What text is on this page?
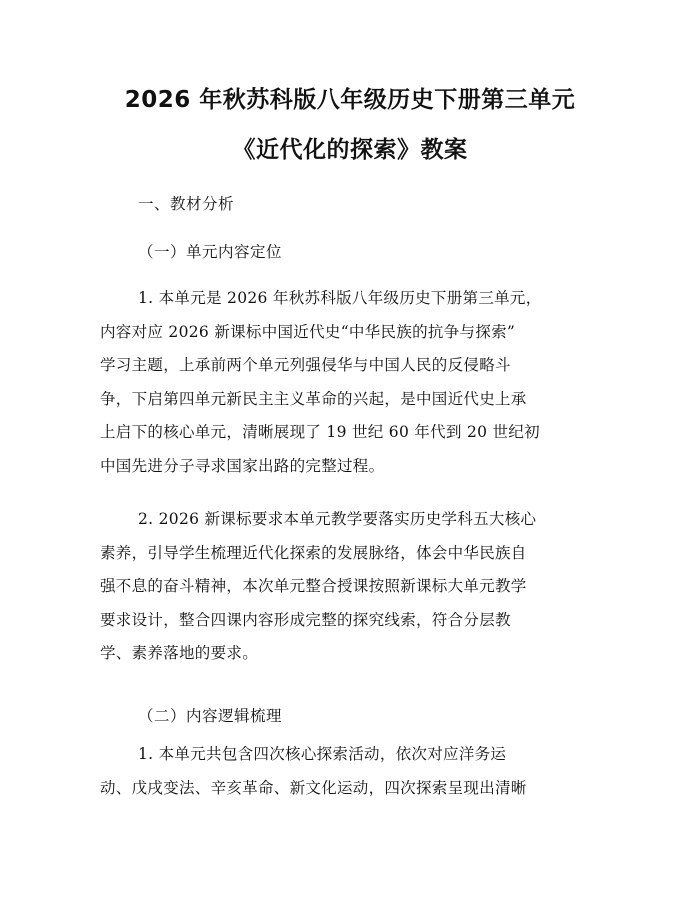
2026 年秋苏科版八年级历史下册第三单元
《近代化的探索》教案
一、教材分析
（一）单元内容定位
1. 本单元是 2026 年秋苏科版八年级历史下册第三单元，
内容对应 2026 新课标中国近代史“中华民族的抗争与探索”
学习主题，上承前两个单元列强侵华与中国人民的反侵略斗
争，下启第四单元新民主主义革命的兴起，是中国近代史上承
上启下的核心单元，清晰展现了 19 世纪 60 年代到 20 世纪初
中国先进分子寻求国家出路的完整过程。
2. 2026 新课标要求本单元教学要落实历史学科五大核心
素养，引导学生梳理近代化探索的发展脉络，体会中华民族自
强不息的奋斗精神，本次单元整合授课按照新课标大单元教学
要求设计，整合四课内容形成完整的探究线索，符合分层教
学、素养落地的要求。
（二）内容逻辑梳理
1. 本单元共包含四次核心探索活动，依次对应洋务运
动、戊戌变法、辛亥革命、新文化运动，四次探索呈现出清晰
